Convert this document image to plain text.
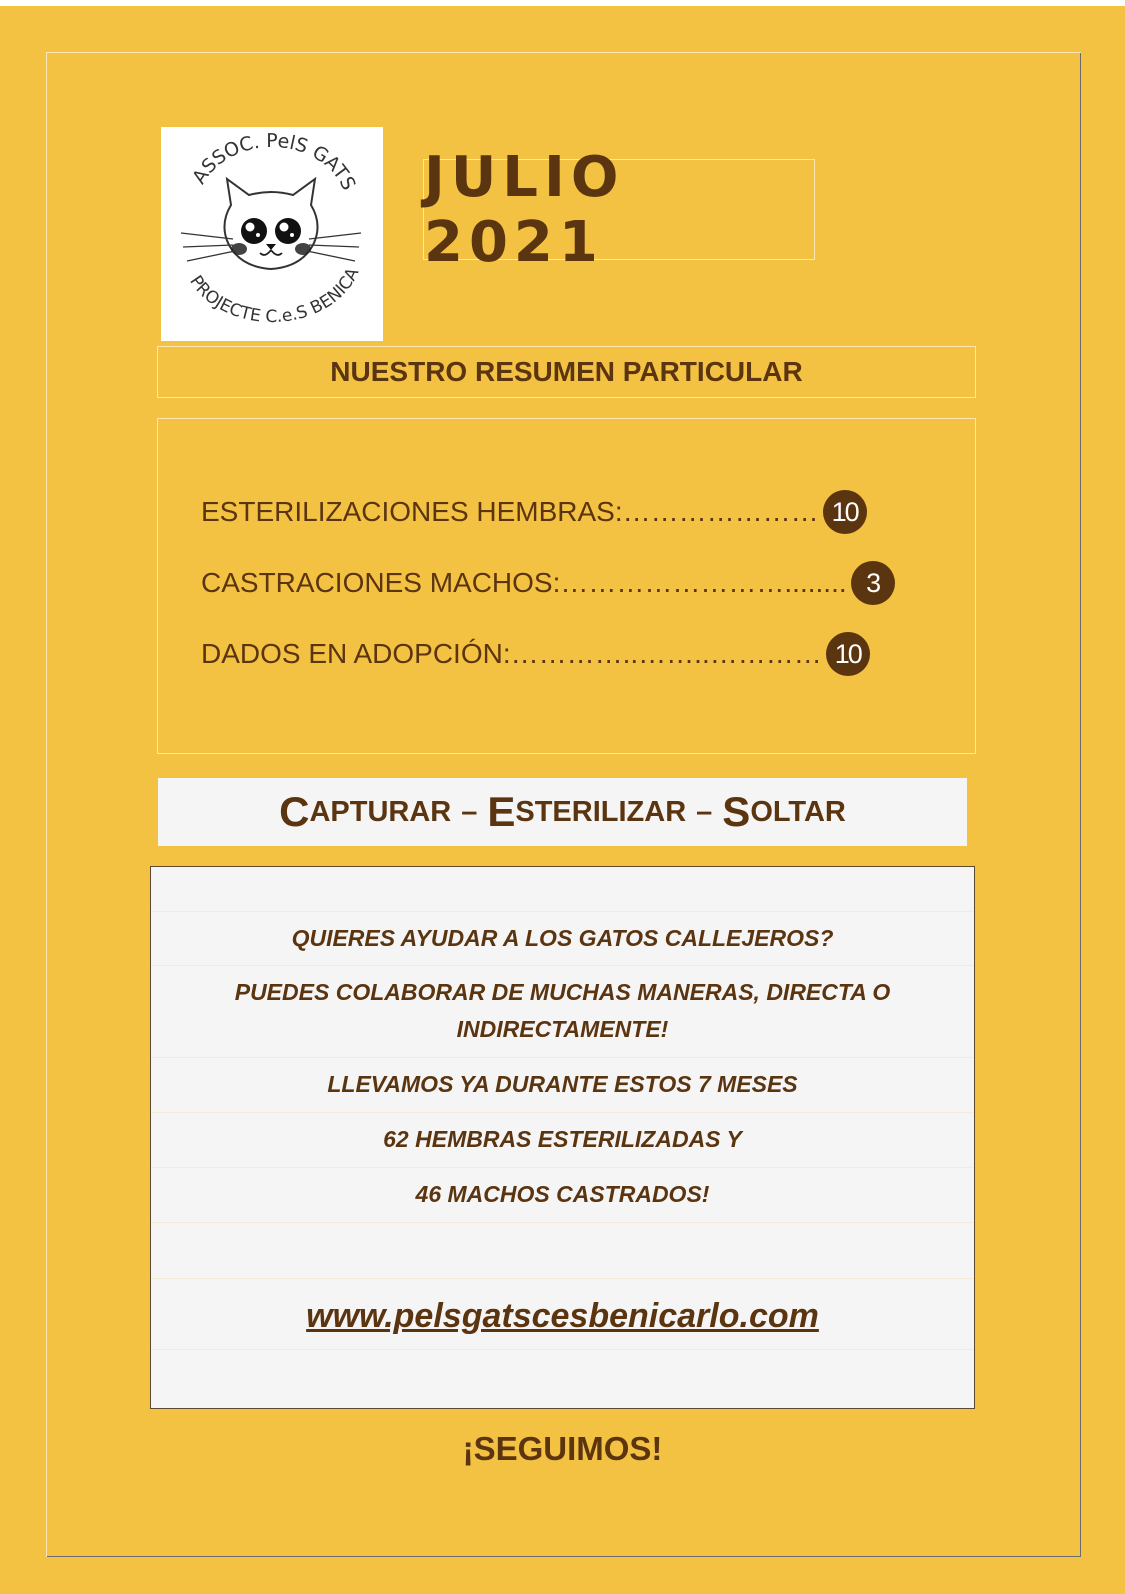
ASSOC. PelS GATS
PROJECTE C.e.S BENICA
JULIO 2021
NUESTRO RESUMEN PARTICULAR
ESTERILIZACIONES HEMBRAS: ………………… 10
CASTRACIONES MACHOS: ……………………........ 3
DADOS EN ADOPCIÓN: …………..……..………… 10
C APTURAR – E STERILIZAR – S OLTAR
QUIERES AYUDAR A LOS GATOS CALLEJEROS?
PUEDES COLABORAR DE MUCHAS MANERAS, DIRECTA O INDIRECTAMENTE!
LLEVAMOS YA DURANTE ESTOS 7 MESES
62 HEMBRAS ESTERILIZADAS Y
46 MACHOS CASTRADOS!
www.pelsgatscesbenicarlo.com
¡SEGUIMOS!
